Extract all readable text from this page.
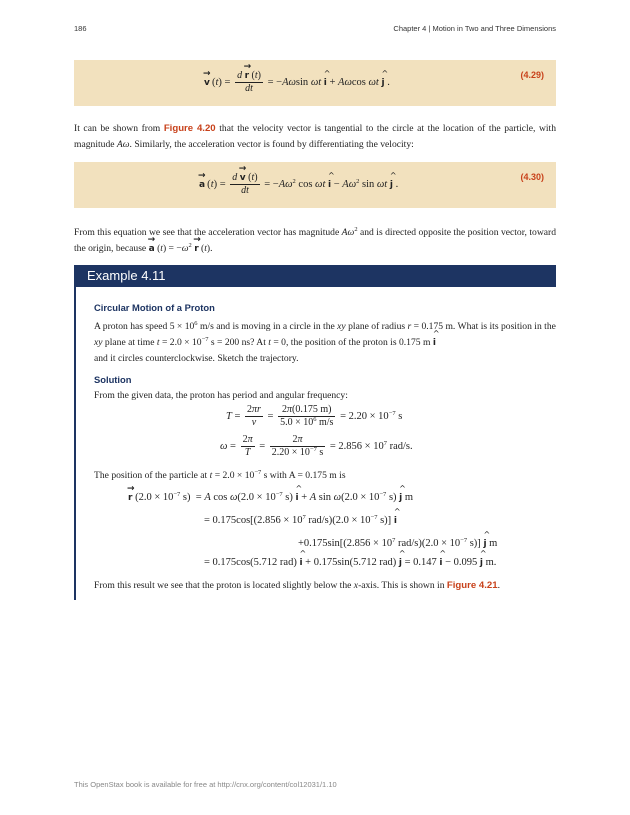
186	Chapter 4 | Motion in Two and Three Dimensions
(4.29)
→ v $(t) = \frac{d \to r (t)}{dt} = -A\omega\sin$ ωt ^ i + Aωcos ωt ^ j .
It can be shown from Figure 4.20 that the velocity vector is tangential to the circle at the location of the particle, with magnitude Aω. Similarly, the acceleration vector is found by differentiating the velocity:
(4.30)
→ a $(t) = \frac{d \to v (t)}{dt} = -A\omega^2$ cos ωt ^ $i - A\omega^2$ sin ωt ^ j .
From this equation we see that the acceleration vector has magnitude $A\omega^2$ and is directed opposite the position vector, toward the origin, because → a $(t) = -\omega^2 \to r$ (t).
Example 4.11
Circular Motion of a Proton
A proton has speed $5 \times 10^6$ m/s and is moving in a circle in the xy plane of radius r = 0.175 m. What is its position in the xy plane at time $t = 2.0 \times 10^{-7}$ s = 200 ns? At t = 0, the position of the proton is 0.175 m ^ i
and it circles counterclockwise. Sketch the trajectory.
Solution
From the given data, the proton has period and angular frequency:
$T = \frac{2\pi r}{v} = \frac{2\pi(0.175 m)}{5.0 \times 10^6 m/s} = 2.20 \times 10^{-7}$ s
$\omega = \frac{2\pi}{T} = \frac{2\pi}{2.20 \times 10^{-7} s} = 2.856 \times 10^7$ rad/s.
The position of the particle at $t = 2.0 \times 10^{-7}$ s with A = 0.175 m is
→ r ($2.0 \times 10^{-7}$ s)  = A $\cos \omega(2.0 \times 10^{-7}$ s) ^ i + A $\sin \omega(2.0 \times 10^{-7}$ s) ^ j m
= $0.175\cos[(2.856 \times 10^7$ $rad/s)(2.0 \times 10^{-7}$ s)] ^ i
$+0.175\sin[(2.856 \times 10^7$ $rad/s)(2.0 \times 10^{-7}$ s)] ^ j m
= 0.175cos(5.712 rad) ^ i + 0.175sin(5.712 rad) ^ j = 0.147 ^ i − 0.095 ^ j m.
From this result we see that the proton is located slightly below the x-axis. This is shown in Figure 4.21.
This OpenStax book is available for free at http://cnx.org/content/col12031/1.10
